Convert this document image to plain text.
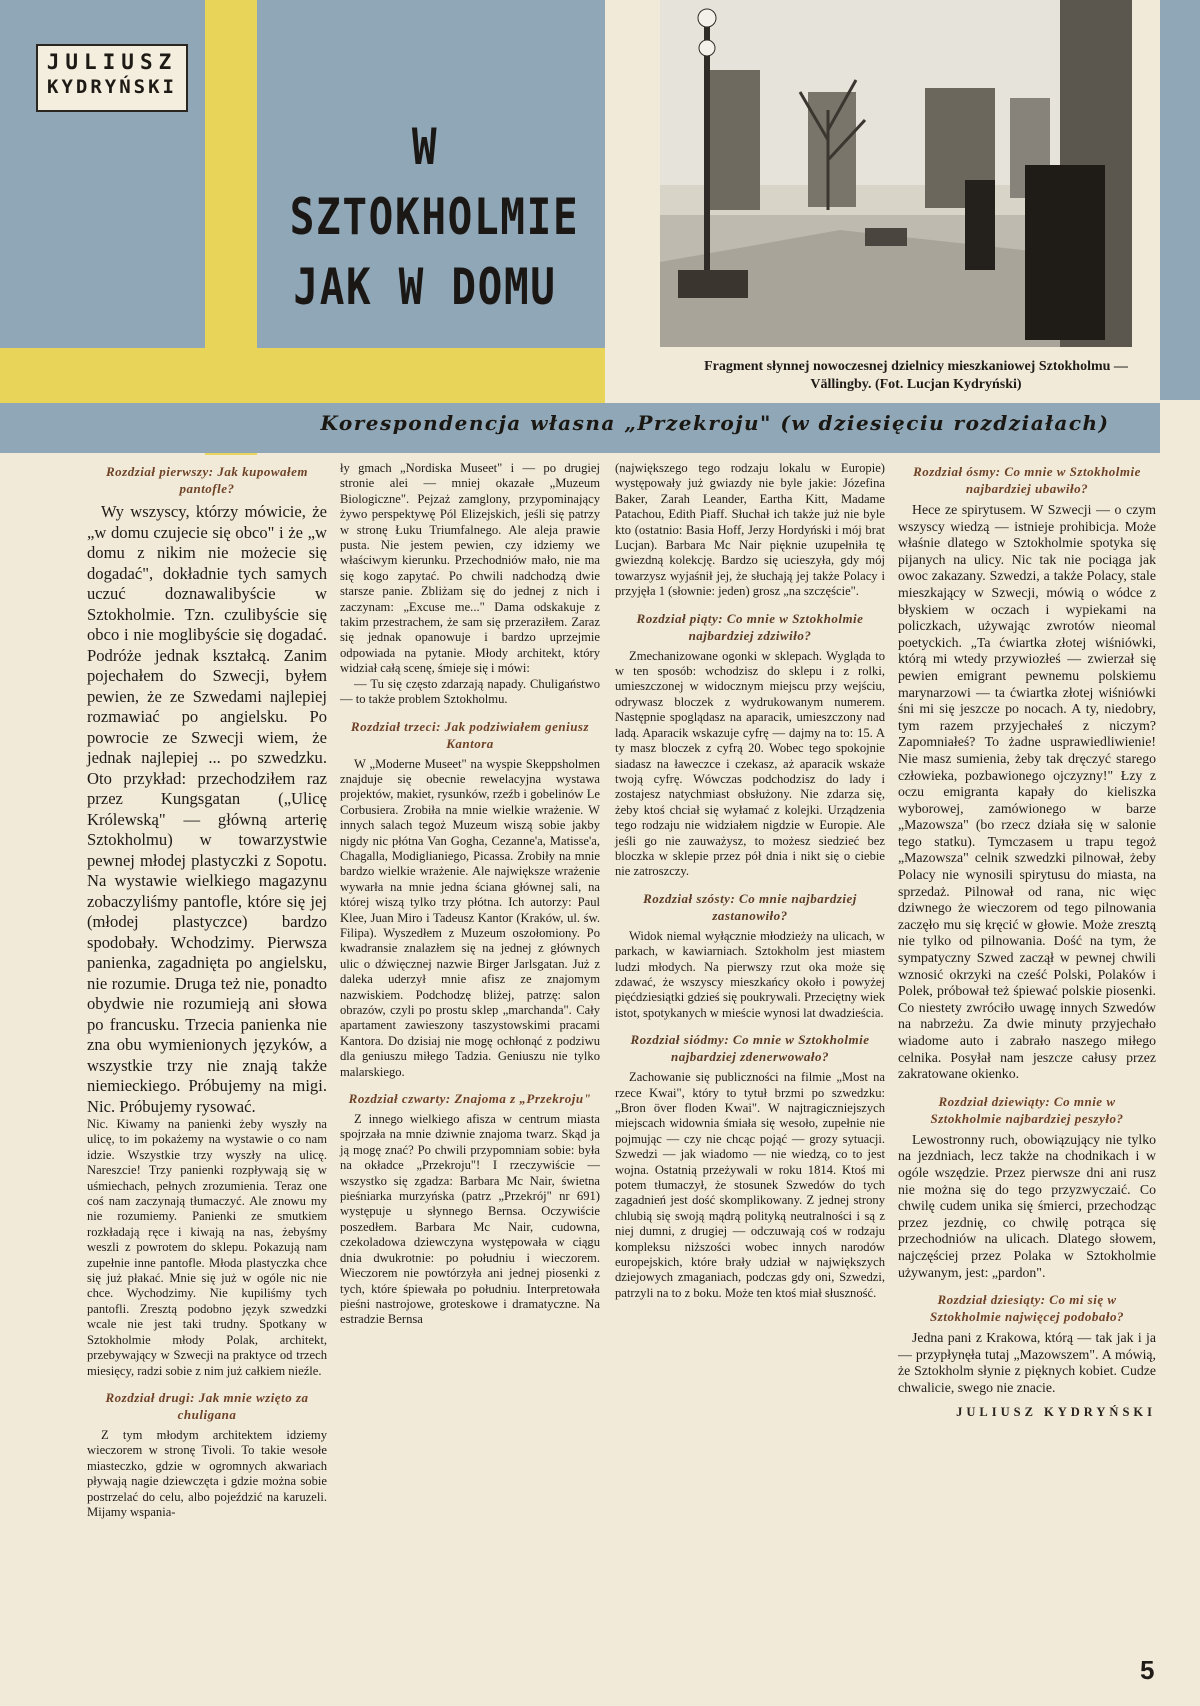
JULIUSZ
KYDRYŃSKI
W SZTOKHOLMIE
JAK W DOMU
Fragment słynnej nowoczesnej dzielnicy mieszkaniowej Sztokholmu — Vällingby. (Fot. Lucjan Kydryński)
Korespondencja własna „Przekroju" (w dziesięciu rozdziałach)
Rozdział pierwszy: Jak kupowałem pantofle?

Wy wszyscy, którzy mówicie, że „w domu czujecie się obco" i że „w domu z nikim nie możecie się dogadać", dokładnie tych samych uczuć doznawalibyście w Sztokholmie. Tzn. czulibyście się obco i nie moglibyście się dogadać. Podróże jednak kształcą. Zanim pojechałem do Szwecji, byłem pewien, że ze Szwedami najlepiej rozmawiać po angielsku. Po powrocie ze Szwecji wiem, że jednak najlepiej ... po szwedzku. Oto przykład: przechodziłem raz przez Kungsgatan („Ulicę Królewską" — główną arterię Sztokholmu) w towarzystwie pewnej młodej plastyczki z Sopotu. Na wystawie wielkiego magazynu zobaczyliśmy pantofle, które się jej (młodej plastyczce) bardzo spodobały. Wchodzimy. Pierwsza panienka, zagadnięta po angielsku, nie rozumie. Druga też nie, ponadto obydwie nie rozumieją ani słowa po francusku. Trzecia panienka nie zna obu wymienionych języków, a wszystkie trzy nie znają także niemieckiego. Próbujemy na migi. Nic. Próbujemy rysować.

Nic. Kiwamy na panienki żeby wyszły na ulicę, to im pokażemy na wystawie o co nam idzie. Wszystkie trzy wyszły na ulicę. Nareszcie! Trzy panienki rozpływają się w uśmiechach, pełnych zrozumienia. Teraz one coś nam zaczynają tłumaczyć. Ale znowu my nie rozumiemy. Panienki ze smutkiem rozkładają ręce i kiwają na nas, żebyśmy weszli z powrotem do sklepu. Pokazują nam zupełnie inne pantofle. Młoda plastyczka chce się już płakać. Mnie się już w ogóle nic nie chce. Wychodzimy. Nie kupiliśmy tych pantofli. Zresztą podobno język szwedzki wcale nie jest taki trudny. Spotkany w Sztokholmie młody Polak, architekt, przebywający w Szwecji na praktyce od trzech miesięcy, radzi sobie z nim już całkiem nieźle.

Rozdział drugi: Jak mnie wzięto za chuligana

Z tym młodym architektem idziemy wieczorem w stronę Tivoli. To takie wesołe miasteczko, gdzie w ogromnych akwariach pływają nagie dziewczęta i gdzie można sobie postrzelać do celu, albo pojeździć na karuzeli. Mijamy wspania-

ły gmach „Nordiska Museet" i — po drugiej stronie alei — mniej okazałe „Muzeum Biologiczne". Pejzaż zamglony, przypominający żywo perspektywę Pól Elizejskich, jeśli się patrzy w stronę Łuku Triumfalnego. Ale aleja prawie pusta. Nie jestem pewien, czy idziemy we właściwym kierunku. Przechodniów mało, nie ma się kogo zapytać. Po chwili nadchodzą dwie starsze panie. Zbliżam się do jednej z nich i zaczynam: „Excuse me..." Dama odskakuje z takim przestrachem, że sam się przeraziłem. Zaraz się jednak opanowuje i bardzo uprzejmie odpowiada na pytanie. Młody architekt, który widział całą scenę, śmieje się i mówi:

— Tu się często zdarzają napady. Chuligaństwo — to także problem Sztokholmu.

Rozdział trzeci: Jak podziwiałem geniusz Kantora

W „Moderne Museet" na wyspie Skeppsholmen znajduje się obecnie rewelacyjna wystawa projektów, makiet, rysunków, rzeźb i gobelinów Le Corbusiera. Zrobiła na mnie wielkie wrażenie. W innych salach tegoż Muzeum wiszą sobie jakby nigdy nic płótna Van Gogha, Cezanne'a, Matisse'a, Chagalla, Modiglianiego, Picassa. Zrobiły na mnie bardzo wielkie wrażenie. Ale największe wrażenie wywarła na mnie jedna ściana głównej sali, na której wiszą tylko trzy płótna. Ich autorzy: Paul Klee, Juan Miro i Tadeusz Kantor (Kraków, ul. św. Filipa). Wyszedłem z Muzeum oszołomiony. Po kwadransie znalazłem się na jednej z głównych ulic o dźwięcznej nazwie Birger Jarlsgatan. Już z daleka uderzył mnie afisz ze znajomym nazwiskiem. Podchodzę bliżej, patrzę: salon obrazów, czyli po prostu sklep „marchanda". Cały apartament zawieszony taszystowskimi pracami Kantora. Do dzisiaj nie mogę ochłonąć z podziwu dla geniuszu miłego Tadzia. Geniuszu nie tylko malarskiego.

Rozdział czwarty: Znajoma z „Przekroju"

Z innego wielkiego afisza w centrum miasta spojrzała na mnie dziwnie znajoma twarz. Skąd ja ją mogę znać? Po chwili przypomniam sobie: była na okładce „Przekroju"! I rzeczywiście — wszystko się zgadza: Barbara Mc Nair, świetna pieśniarka murzyńska (patrz „Przekrój" nr 691) występuje u słynnego Bernsa. Oczywiście poszedłem. Barbara Mc Nair, cudowna, czekoladowa dziewczyna występowała w ciągu dnia dwukrotnie: po południu i wieczorem. Wieczorem nie powtórzyła ani jednej piosenki z tych, które śpiewała po południu. Interpretowała pieśni nastrojowe, groteskowe i dramatyczne. Na estradzie Bernsa

(największego tego rodzaju lokalu w Europie) występowały już gwiazdy nie byle jakie: Józefina Baker, Zarah Leander, Eartha Kitt, Madame Patachou, Edith Piaff. Słuchał ich także już nie byle kto (ostatnio: Basia Hoff, Jerzy Hordyński i mój brat Lucjan). Barbara Mc Nair pięknie uzupełniła tę gwiezdną kolekcję. Bardzo się ucieszyła, gdy mój towarzysz wyjaśnił jej, że słuchają jej także Polacy i przyjęła 1 (słownie: jeden) grosz „na szczęście".

Rozdział piąty: Co mnie w Sztokholmie najbardziej zdziwiło?

Zmechanizowane ogonki w sklepach. Wygląda to w ten sposób: wchodzisz do sklepu i z rolki, umieszczonej w widocznym miejscu przy wejściu, odrywasz bloczek z wydrukowanym numerem. Następnie spoglądasz na aparacik, umieszczony nad ladą. Aparacik wskazuje cyfrę — dajmy na to: 15. A ty masz bloczek z cyfrą 20. Wobec tego spokojnie siadasz na ławeczce i czekasz, aż aparacik wskaże twoją cyfrę. Wówczas podchodzisz do lady i zostajesz natychmiast obsłużony. Nie zdarza się, żeby ktoś chciał się wyłamać z kolejki. Urządzenia tego rodzaju nie widziałem nigdzie w Europie. Ale jeśli go nie zauważysz, to możesz siedzieć bez bloczka w sklepie przez pół dnia i nikt się o ciebie nie zatroszczy.

Rozdział szósty: Co mnie najbardziej zastanowiło?

Widok niemal wyłącznie młodzieży na ulicach, w parkach, w kawiarniach. Sztokholm jest miastem ludzi młodych. Na pierwszy rzut oka może się zdawać, że wszyscy mieszkańcy około i powyżej pięćdziesiątki gdzieś się poukrywali. Przeciętny wiek istot, spotykanych w mieście wynosi lat dwadzieścia.

Rozdział siódmy: Co mnie w Sztokholmie najbardziej zdenerwowało?

Zachowanie się publiczności na filmie „Most na rzece Kwai", który to tytuł brzmi po szwedzku: „Bron över floden Kwai". W najtragiczniejszych miejscach widownia śmiała się wesoło, zupełnie nie pojmując — czy nie chcąc pojąć — grozy sytuacji. Szwedzi — jak wiadomo — nie wiedzą, co to jest wojna. Ostatnią przeżywali w roku 1814. Ktoś mi potem tłumaczył, że stosunek Szwedów do tych zagadnień jest dość skomplikowany. Z jednej strony chlubią się swoją mądrą polityką neutralności i są z niej dumni, z drugiej — odczuwają coś w rodzaju kompleksu niższości wobec innych narodów europejskich, które brały udział w największych dziejowych zmaganiach, podczas gdy oni, Szwedzi, patrzyli na to z boku. Może ten ktoś miał słuszność.

Rozdział ósmy: Co mnie w Sztokholmie najbardziej ubawiło?

Hece ze spirytusem. W Szwecji — o czym wszyscy wiedzą — istnieje prohibicja. Może właśnie dlatego w Sztokholmie spotyka się pijanych na ulicy. Nic tak nie pociąga jak owoc zakazany. Szwedzi, a także Polacy, stale mieszkający w Szwecji, mówią o wódce z błyskiem w oczach i wypiekami na policzkach, używając zwrotów nieomal poetyckich. „Ta ćwiartka złotej wiśniówki, którą mi wtedy przywiozłeś — zwierzał się pewien emigrant pewnemu polskiemu marynarzowi — ta ćwiartka złotej wiśniówki śni mi się jeszcze po nocach. A ty, niedobry, tym razem przyjechałeś z niczym? Zapomniałeś? To żadne usprawiedliwienie! Nie masz sumienia, żeby tak dręczyć starego człowieka, pozbawionego ojczyzny!" Łzy z oczu emigranta kapały do kieliszka wyborowej, zamówionego w barze „Mazowsza" (bo rzecz działa się w salonie tego statku). Tymczasem u trapu tegoż „Mazowsza" celnik szwedzki pilnował, żeby Polacy nie wynosili spirytusu do miasta, na sprzedaż. Pilnował od rana, nic więc dziwnego że wieczorem od tego pilnowania zaczęło mu się kręcić w głowie. Może zresztą nie tylko od pilnowania. Dość na tym, że sympatyczny Szwed zaczął w pewnej chwili wznosić okrzyki na cześć Polski, Polaków i Polek, próbował też śpiewać polskie piosenki. Co niestety zwróciło uwagę innych Szwedów na nabrzeżu. Za dwie minuty przyjechało wiadome auto i zabrało naszego miłego celnika. Posyłał nam jeszcze całusy przez zakratowane okienko.

Rozdział dziewiąty: Co mnie w Sztokholmie najbardziej peszyło?

Lewostronny ruch, obowiązujący nie tylko na jezdniach, lecz także na chodnikach i w ogóle wszędzie. Przez pierwsze dni ani rusz nie można się do tego przyzwyczaić. Co chwilę cudem unika się śmierci, przechodząc przez jezdnię, co chwilę potrąca się przechodniów na ulicach. Dlatego słowem, najczęściej przez Polaka w Sztokholmie używanym, jest: „pardon".

Rozdział dziesiąty: Co mi się w Sztokholmie najwięcej podobało?

Jedna pani z Krakowa, którą — tak jak i ja — przypłynęła tutaj „Mazowszem". A mówią, że Sztokholm słynie z pięknych kobiet. Cudze chwalicie, swego nie znacie.

JULIUSZ KYDRYŃSKI
5
